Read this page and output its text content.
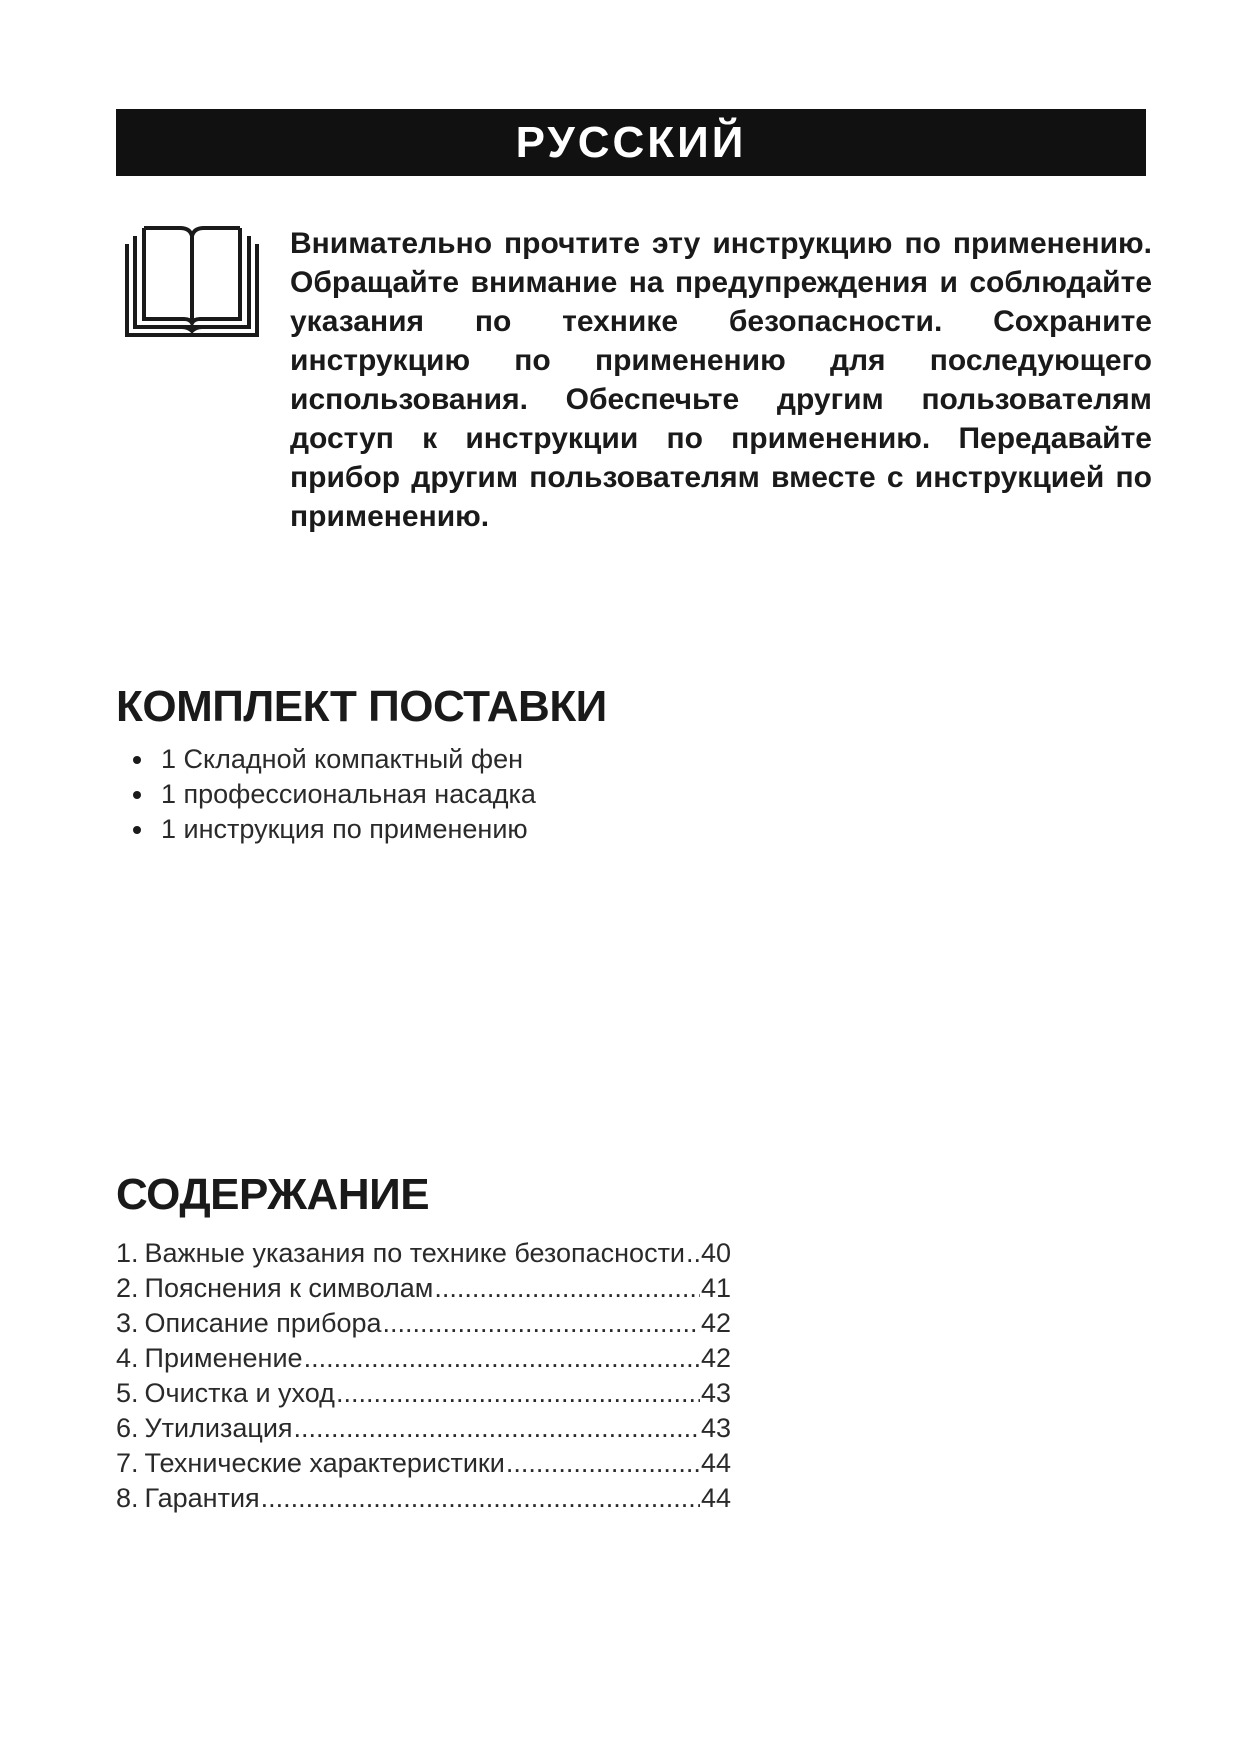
РУССКИЙ
Внимательно прочтите эту инструкцию по применению. Обращайте внимание на предупреждения и соблюдайте указания по технике безопасности. Сохраните инструкцию по применению для последующего использования. Обеспечьте другим пользователям доступ к инструкции по применению. Передавайте прибор другим пользователям вместе с инструкцией по применению.
КОМПЛЕКТ ПОСТАВКИ
1 Складной компактный фен
1 профессиональная насадка
1 инструкция по применению
СОДЕРЖАНИЕ
1. Важные указания по технике безопасности ..... 40
2. Пояснения к символам .....	41
3. Описание прибора .....	42
4. Применение .....	42
5. Очистка и уход .....	43
6. Утилизация .....	43
7. Технические характеристики .....	44
8. Гарантия .....	44
